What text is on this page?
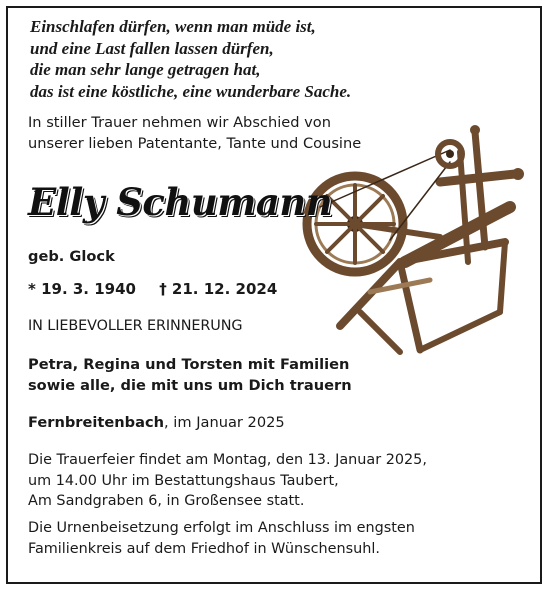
Einschlafen dürfen, wenn man müde ist,
und eine Last fallen lassen dürfen,
die man sehr lange getragen hat,
das ist eine köstliche, eine wunderbare Sache.
In stiller Trauer nehmen wir Abschied von
unserer lieben Patentante, Tante und Cousine
Elly Schumann
geb. Glock
* 19. 3. 1940 † 21. 12. 2024
IN LIEBEVOLLER ERINNERUNG
Petra, Regina und Torsten mit Familien
sowie alle, die mit uns um Dich trauern
Fernbreitenbach, im Januar 2025
Die Trauerfeier findet am Montag, den 13. Januar 2025,
um 14.00 Uhr im Bestattungshaus Taubert,
Am Sandgraben 6, in Großensee statt.
Die Urnenbeisetzung erfolgt im Anschluss im engsten
Familienkreis auf dem Friedhof in Wünschensuhl.
